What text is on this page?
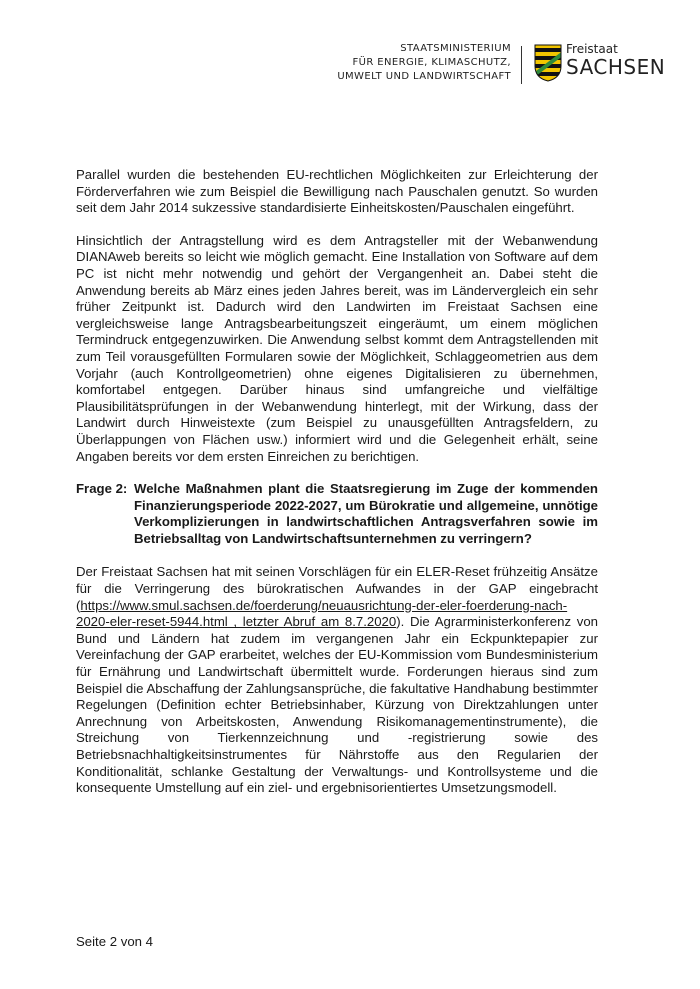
STAATSMINISTERIUM
FÜR ENERGIE, KLIMASCHUTZ,
UMWELT UND LANDWIRTSCHAFT
Freistaat
SACHSEN

Parallel wurden die bestehenden EU-rechtlichen Möglichkeiten zur Erleichterung der Förderverfahren wie zum Beispiel die Bewilligung nach Pauschalen genutzt. So wurden seit dem Jahr 2014 sukzessive standardisierte Einheitskosten/Pauschalen eingeführt.

Hinsichtlich der Antragstellung wird es dem Antragsteller mit der Webanwendung DIANAweb bereits so leicht wie möglich gemacht. Eine Installation von Software auf dem PC ist nicht mehr notwendig und gehört der Vergangenheit an. Dabei steht die Anwendung bereits ab März eines jeden Jahres bereit, was im Ländervergleich ein sehr früher Zeitpunkt ist. Dadurch wird den Landwirten im Freistaat Sachsen eine vergleichsweise lange Antragsbearbeitungszeit eingeräumt, um einem möglichen Termindruck entgegenzuwirken. Die Anwendung selbst kommt dem Antragstellenden mit zum Teil vorausgefüllten Formularen sowie der Möglichkeit, Schlaggeometrien aus dem Vorjahr (auch Kontrollgeometrien) ohne eigenes Digitalisieren zu übernehmen, komfortabel entgegen. Darüber hinaus sind umfangreiche und vielfältige Plausibilitätsprüfungen in der Webanwendung hinterlegt, mit der Wirkung, dass der Landwirt durch Hinweistexte (zum Beispiel zu unausgefüllten Antragsfeldern, zu Überlappungen von Flächen usw.) informiert wird und die Gelegenheit erhält, seine Angaben bereits vor dem ersten Einreichen zu berichtigen.

Frage 2: Welche Maßnahmen plant die Staatsregierung im Zuge der kommenden Finanzierungsperiode 2022-2027, um Bürokratie und allgemeine, unnötige Verkomplizierungen in landwirtschaftlichen Antragsverfahren sowie im Betriebsalltag von Landwirtschaftsunternehmen zu verringern?

Der Freistaat Sachsen hat mit seinen Vorschlägen für ein ELER-Reset frühzeitig Ansätze für die Verringerung des bürokratischen Aufwandes in der GAP eingebracht (https://www.smul.sachsen.de/foerderung/neuausrichtung-der-eler-foerderung-nach-2020-eler-reset-5944.html , letzter Abruf am 8.7.2020). Die Agrarministerkonferenz von Bund und Ländern hat zudem im vergangenen Jahr ein Eckpunktepapier zur Vereinfachung der GAP erarbeitet, welches der EU-Kommission vom Bundesministerium für Ernährung und Landwirtschaft übermittelt wurde. Forderungen hieraus sind zum Beispiel die Abschaffung der Zahlungsansprüche, die fakultative Handhabung bestimmter Regelungen (Definition echter Betriebsinhaber, Kürzung von Direktzahlungen unter Anrechnung von Arbeitskosten, Anwendung Risikomanagementinstrumente), die Streichung von Tierkennzeichnung und -registrierung sowie des Betriebsnachhaltigkeitsinstrumentes für Nährstoffe aus den Regularien der Konditionalität, schlanke Gestaltung der Verwaltungs- und Kontrollsysteme und die konsequente Umstellung auf ein ziel- und ergebnisorientiertes Umsetzungsmodell.

Seite 2 von 4
